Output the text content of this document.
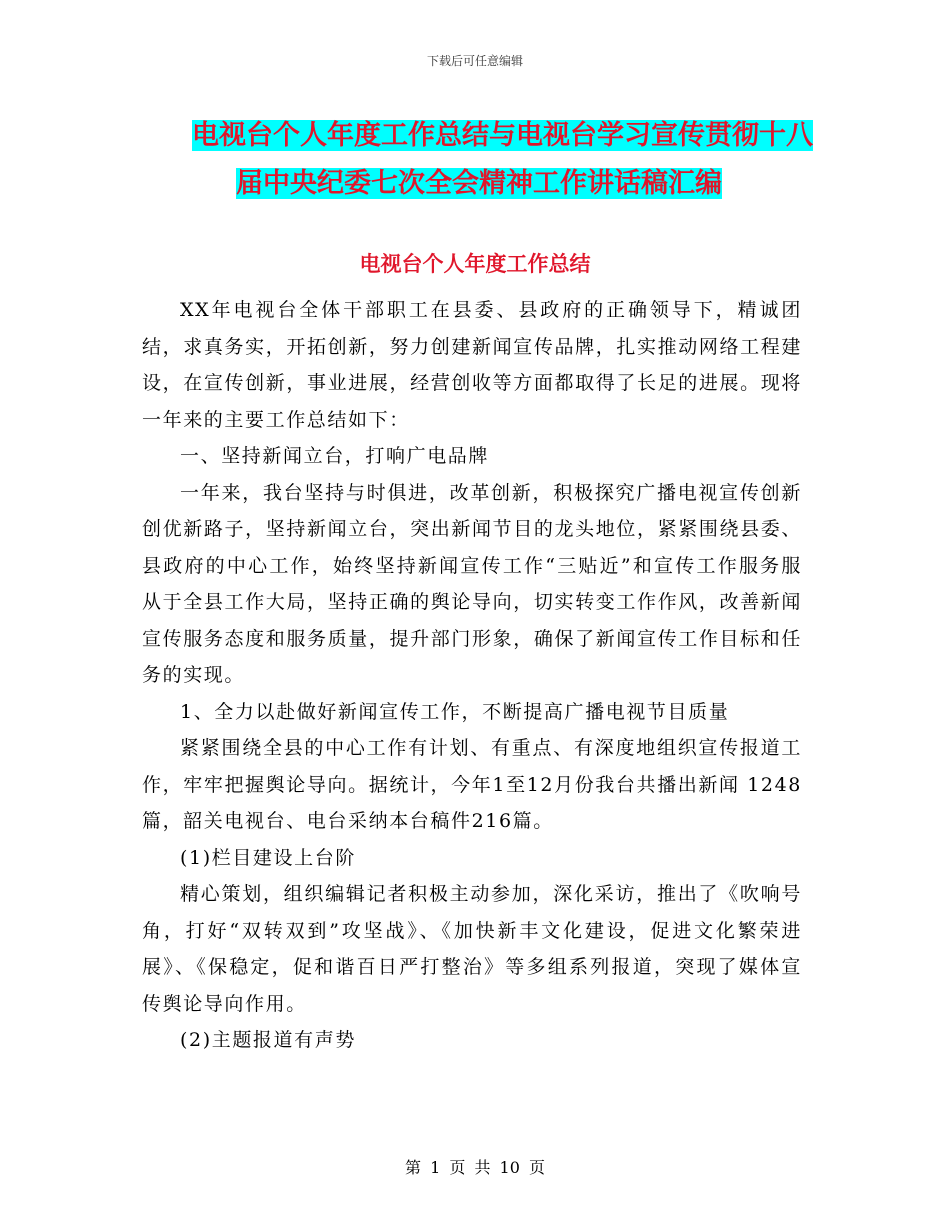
下载后可任意编辑
电视台个人年度工作总结与电视台学习宣传贯彻十八
届中央纪委七次全会精神工作讲话稿汇编
电视台个人年度工作总结

XX年电视台全体干部职工在县委、县政府的正确领导下，精诚团结，求真务实，开拓创新，努力创建新闻宣传品牌，扎实推动网络工程建设，在宣传创新，事业进展，经营创收等方面都取得了长足的进展。现将一年来的主要工作总结如下：

一、坚持新闻立台，打响广电品牌

一年来，我台坚持与时俱进，改革创新，积极探究广播电视宣传创新创优新路子，坚持新闻立台，突出新闻节目的龙头地位，紧紧围绕县委、县政府的中心工作，始终坚持新闻宣传工作“三贴近”和宣传工作服务服从于全县工作大局，坚持正确的舆论导向，切实转变工作作风，改善新闻宣传服务态度和服务质量，提升部门形象，确保了新闻宣传工作目标和任务的实现。

1、全力以赴做好新闻宣传工作，不断提高广播电视节目质量

紧紧围绕全县的中心工作有计划、有重点、有深度地组织宣传报道工作，牢牢把握舆论导向。据统计，今年1至12月份我台共播出新闻 1248 篇，韶关电视台、电台采纳本台稿件216篇。

(1)栏目建设上台阶

精心策划，组织编辑记者积极主动参加，深化采访，推出了《吹响号角，打好“双转双到”攻坚战》、《加快新丰文化建设，促进文化繁荣进展》、《保稳定，促和谐百日严打整治》等多组系列报道，突现了媒体宣传舆论导向作用。

(2)主题报道有声势

第 1 页 共 10 页
